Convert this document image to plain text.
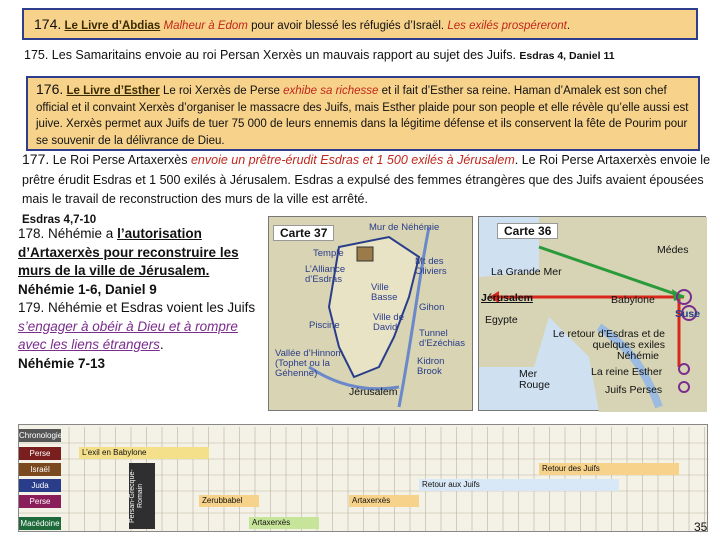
174. Le Livre d’Abdias Malheur à Edom pour avoir blessé les réfugiés d’Israël. Les exilés prospéreront.
175. Les Samaritains envoie au roi Persan Xerxès un mauvais rapport au sujet des Juifs. Esdras 4, Daniel 11
176. Le Livre d’Esther Le roi Xerxès de Perse exhibe sa richesse et il fait d’Esther sa reine. Haman d’Amalek est son chef official et il convaint Xerxès d’organiser le massacre des Juifs, mais Esther plaide pour son people et elle révèle qu’elle aussi est juive. Xerxès permet aux Juifs de tuer 75 000 de leurs ennemis dans la légitime défense et ils conservent la fête de Pourim pour se souvenir de la délivrance de Dieu.
177. Le Roi Perse Artaxerxès envoie un prêtre-érudit Esdras et 1 500 exilés à Jérusalem. Le Roi Perse Artaxerxès envoie le prêtre érudit Esdras et 1 500 exilés à Jérusalem. Esdras a expulsé des femmes étrangères que des Juifs avaient épousées mais le travail de reconstruction des murs de la ville est arrêté.
Esdras 4,7-10
178. Néhémie a l’autorisation d’Artaxerxès pour reconstruire les murs de la ville de Jérusalem. Néhémie 1-6, Daniel 9
179. Néhémie et Esdras voient les Juifs s’engager à obéir à Dieu et à rompre avec les liens étrangers.
Néhémie 7-13
Carte 37	Mur de Néhémie
Temple
L’Alliance d’Esdras
Mt des Oliviers
Ville Basse
Gihon
Piscine
Ville de David
Tunnel d’Ezéchias
Vallée d’Hinnom (Tophet ou la Géhenne)
Kidron Brook
Jérusalem
Carte 36
Médes
La Grande Mer
Babylone
Jérusalem
Suse
Egypte
Le retour d’Esdras et de quelques exiles
Néhémie
La reine Esther
Mer Rouge	Juifs Perses
Chronologie
Perse
Israël
Juda
Perse
Macédoine
L’exil en Babylone
Retour aux Juifs
Zerubbabel	Artaxerxès
Retour des Juifs
Persan-Grecque-Romain
Artaxerxès	35
